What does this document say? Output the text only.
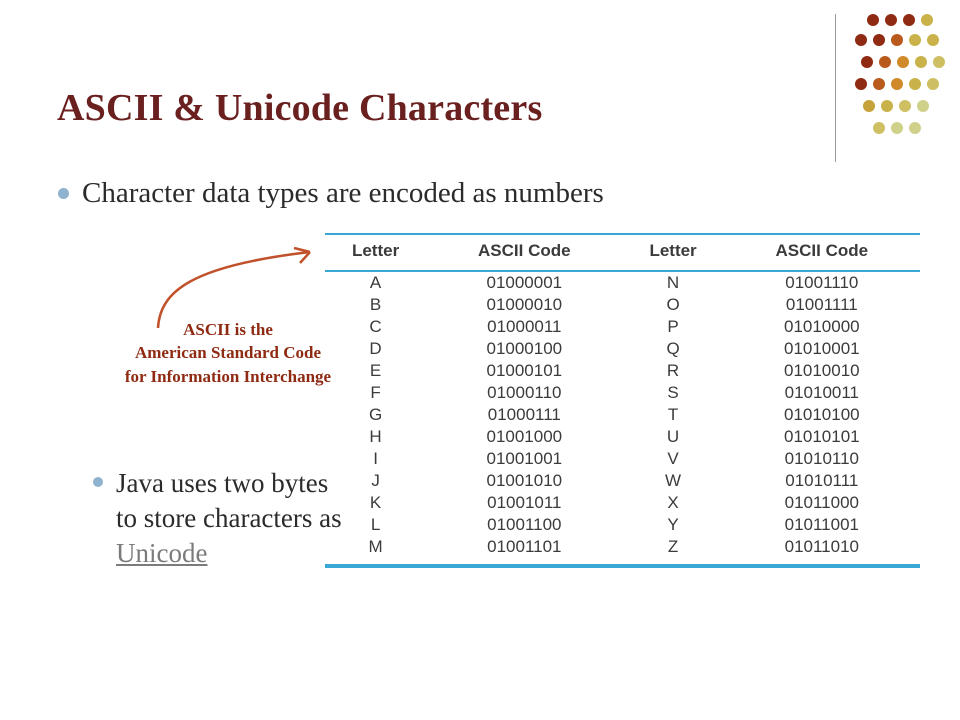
ASCII & Unicode Characters
Character data types are encoded as numbers
ASCII is the
American Standard Code
for Information Interchange
Java uses two bytes to store characters as Unicode
Letter	ASCII Code	Letter	ASCII Code

A	01000001	N	01001110
B	01000010	O	01001111
C	01000011	P	01010000
D	01000100	Q	01010001
E	01000101	R	01010010
F	01000110	S	01010011
G	01000111	T	01010100
H	01001000	U	01010101
I	01001001	V	01010110
J	01001010	W	01010111
K	01001011	X	01011000
L	01001100	Y	01011001
M	01001101	Z	01011010
